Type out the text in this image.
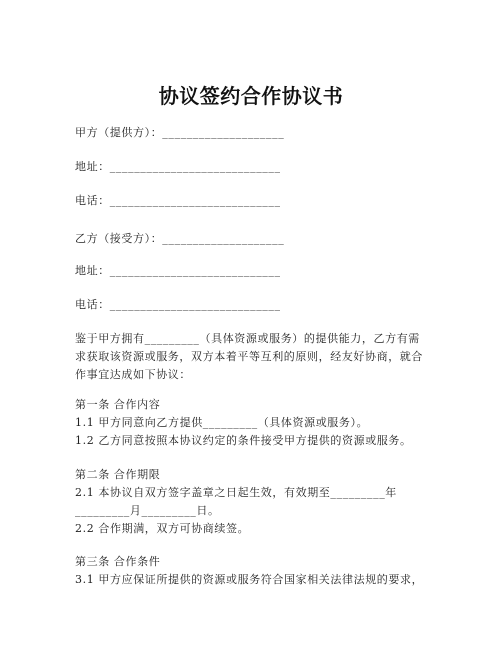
协议签约合作协议书
甲方（提供方）：____________________
地址：____________________________
电话：____________________________
乙方（接受方）：____________________
地址：____________________________
电话：____________________________
鉴于甲方拥有_________（具体资源或服务）的提供能力，乙方有需求获取该资源或服务，双方本着平等互利的原则，经友好协商，就合作事宜达成如下协议：
第一条 合作内容
1.1 甲方同意向乙方提供_________（具体资源或服务）。
1.2 乙方同意按照本协议约定的条件接受甲方提供的资源或服务。
第二条 合作期限
2.1 本协议自双方签字盖章之日起生效，有效期至_________年
_________月_________日。
2.2 合作期满，双方可协商续签。
第三条 合作条件
3.1 甲方应保证所提供的资源或服务符合国家相关法律法规的要求，
